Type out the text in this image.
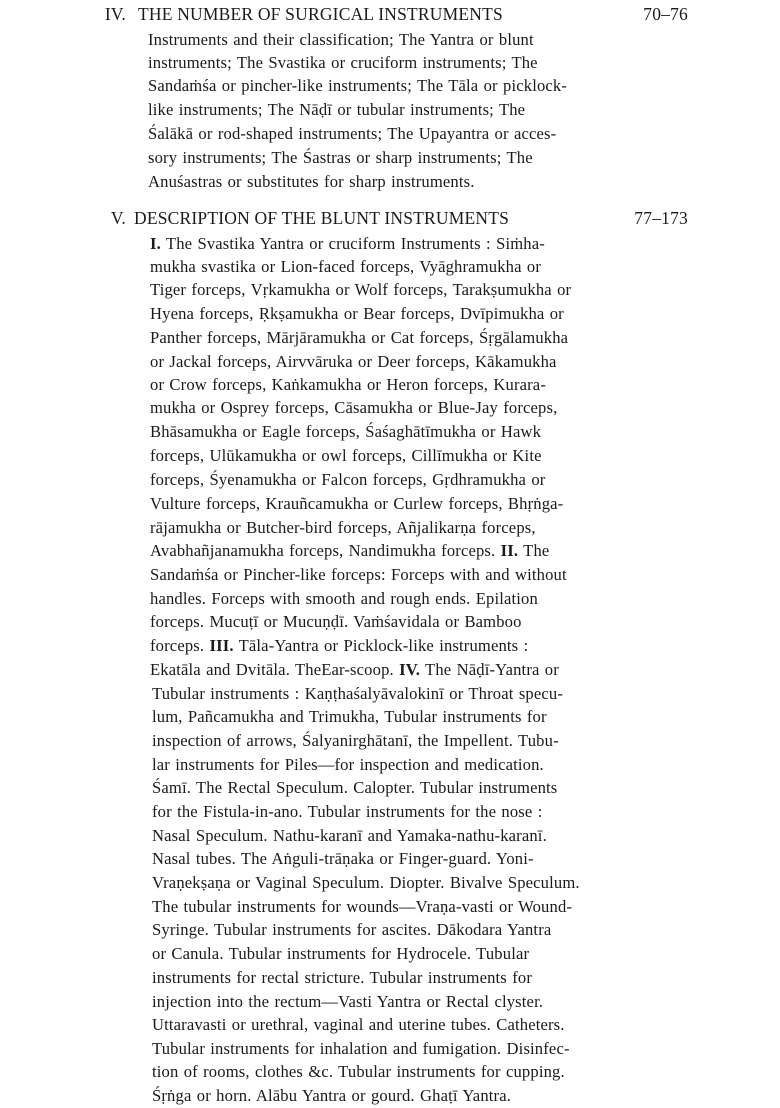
IV. THE NUMBER OF SURGICAL INSTRUMENTS	70–76
Instruments and their classification; The Yantra or blunt
instruments; The Svastika or cruciform instruments; The
Sandaṁśa or pincher-like instruments; The Tāla or picklock-
like instruments; The Nāḍī or tubular instruments; The
Śalākā or rod-shaped instruments; The Upayantra or acces-
sory instruments; The Śastras or sharp instruments; The
Anuśastras or substitutes for sharp instruments.
V. DESCRIPTION OF THE BLUNT INSTRUMENTS	77–173
I. The Svastika Yantra or cruciform Instruments : Siṁha-
mukha svastika or Lion-faced forceps, Vyāghramukha or
Tiger forceps, Vṛkamukha or Wolf forceps, Tarakṣumukha or
Hyena forceps, Ṛkṣamukha or Bear forceps, Dvīpimukha or
Panther forceps, Mārjāramukha or Cat forceps, Śṛgālamukha
or Jackal forceps, Airvvāruka or Deer forceps, Kākamukha
or Crow forceps, Kaṅkamukha or Heron forceps, Kurara-
mukha or Osprey forceps, Cāsamukha or Blue-Jay forceps,
Bhāsamukha or Eagle forceps, Śaśaghātīmukha or Hawk
forceps, Ulūkamukha or owl forceps, Cillīmukha or Kite
forceps, Śyenamukha or Falcon forceps, Gṛdhramukha or
Vulture forceps, Krauñcamukha or Curlew forceps, Bhṛṅga-
rājamukha or Butcher-bird forceps, Añjalikarṇa forceps,
Avabhañjanamukha forceps, Nandimukha forceps. II. The
Sandaṁśa or Pincher-like forceps: Forceps with and without
handles. Forceps with smooth and rough ends. Epilation
forceps. Mucuṭī or Mucuṇḍī. Vaṁśavidala or Bamboo
forceps. III. Tāla-Yantra or Picklock-like instruments :
Ekatāla and Dvitāla. TheEar-scoop. IV. The Nāḍī-Yantra or
Tubular instruments : Kaṇṭhaśalyāvalokinī or Throat specu-
lum, Pañcamukha and Trimukha, Tubular instruments for
inspection of arrows, Śalyanirghātanī, the Impellent. Tubu-
lar instruments for Piles—for inspection and medication.
Śamī. The Rectal Speculum. Calopter. Tubular instruments
for the Fistula-in-ano. Tubular instruments for the nose :
Nasal Speculum. Nathu-karanī and Yamaka-nathu-karanī.
Nasal tubes. The Aṅguli-trāṇaka or Finger-guard. Yoni-
Vraṇekṣaṇa or Vaginal Speculum. Diopter. Bivalve Speculum.
The tubular instruments for wounds—Vraṇa-vasti or Wound-
Syringe. Tubular instruments for ascites. Dākodara Yantra
or Canula. Tubular instruments for Hydrocele. Tubular
instruments for rectal stricture. Tubular instruments for
injection into the rectum—Vasti Yantra or Rectal clyster.
Uttaravasti or urethral, vaginal and uterine tubes. Catheters.
Tubular instruments for inhalation and fumigation. Disinfec-
tion of rooms, clothes &c. Tubular instruments for cupping.
Śṛṅga or horn. Alābu Yantra or gourd. Ghaṭī Yantra.
